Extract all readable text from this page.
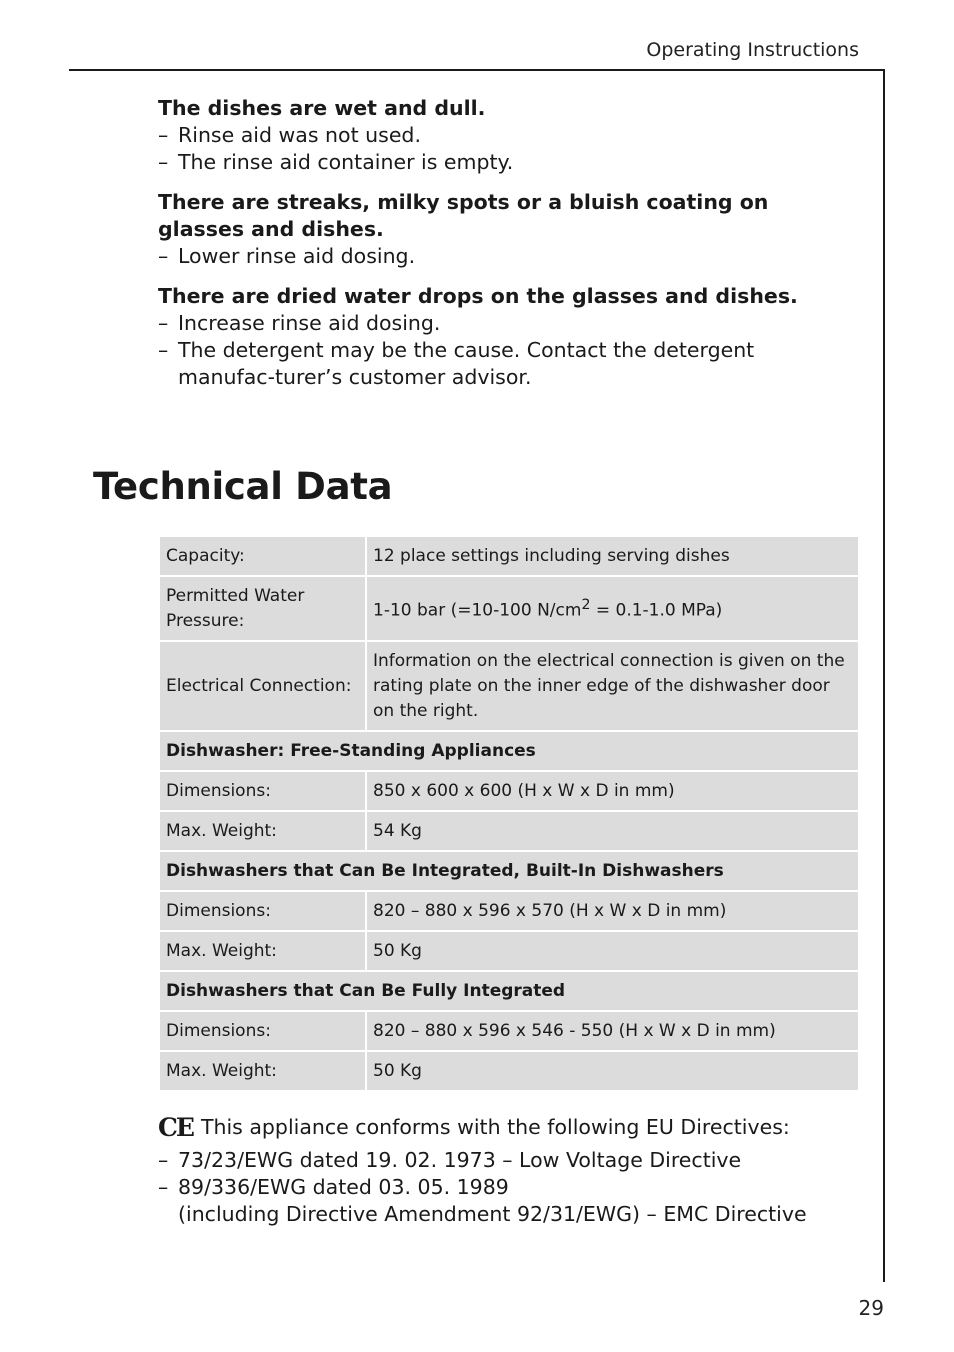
Operating Instructions
The dishes are wet and dull.
– Rinse aid was not used.
– The rinse aid container is empty.
There are streaks, milky spots or a bluish coating on glasses and dishes.
– Lower rinse aid dosing.
There are dried water drops on the glasses and dishes.
– Increase rinse aid dosing.
– The detergent may be the cause. Contact the detergent manufac-turer’s customer advisor.
Technical Data
Capacity:	12 place settings including serving dishes
Permitted Water Pressure:	1-10 bar (=10-100 $N/cm^2 = 0.1-1.0$ MPa)
Electrical Connection:	Information on the electrical connection is given on the rating plate on the inner edge of the dishwasher door on the right.
Dishwasher: Free-Standing Appliances	
Dimensions:	850 x 600 x 600 (H x W x D in mm)
Max. Weight:	54 Kg
Dishwashers that Can Be Integrated, Built-In Dishwashers	
Dimensions:	820 – 880 x 596 x 570 (H x W x D in mm)
Max. Weight:	50 Kg
Dishwashers that Can Be Fully Integrated	
Dimensions:	820 – 880 x 596 x 546 - 550 (H x W x D in mm)
Max. Weight:	50 Kg
CE This appliance conforms with the following EU Directives:
– 73/23/EWG dated 19. 02. 1973 – Low Voltage Directive
– 89/336/EWG dated 03. 05. 1989
(including Directive Amendment 92/31/EWG) – EMC Directive
29
